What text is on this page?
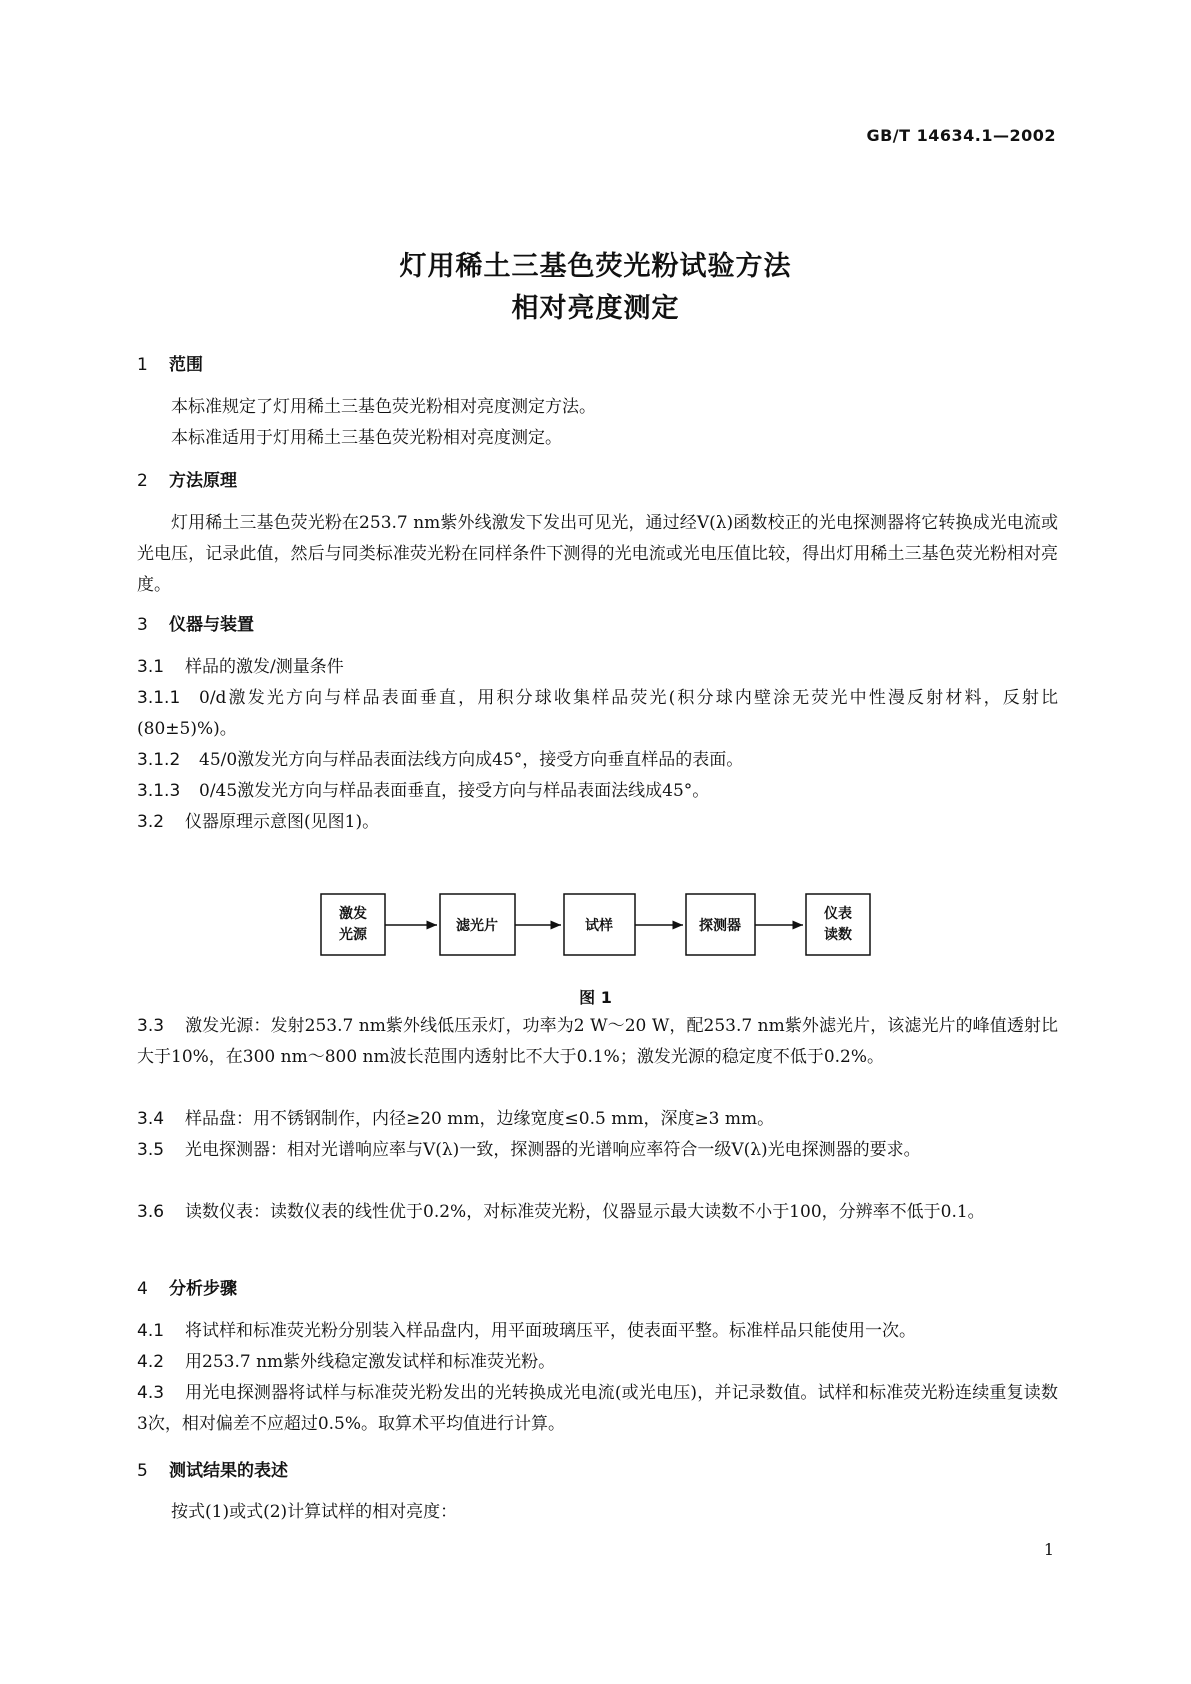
GB/T 14634.1—2002
灯用稀土三基色荧光粉试验方法
相对亮度测定
1 范围
本标准规定了灯用稀土三基色荧光粉相对亮度测定方法。
本标准适用于灯用稀土三基色荧光粉相对亮度测定。
2 方法原理
灯用稀土三基色荧光粉在253.7 nm紫外线激发下发出可见光，通过经V(λ)函数校正的光电探测器将它转换成光电流或光电压，记录此值，然后与同类标准荧光粉在同样条件下测得的光电流或光电压值比较，得出灯用稀土三基色荧光粉相对亮度。
3 仪器与装置
3.1 样品的激发/测量条件
3.1.1 0/d激发光方向与样品表面垂直，用积分球收集样品荧光(积分球内壁涂无荧光中性漫反射材料，反射比(80±5)%)。
3.1.2 45/0激发光方向与样品表面法线方向成45°，接受方向垂直样品的表面。
3.1.3 0/45激发光方向与样品表面垂直，接受方向与样品表面法线成45°。
3.2 仪器原理示意图(见图1)。
激发
光源
滤光片	试样	探测器
仪表
读数
图 1
3.3 激发光源：发射253.7 nm紫外线低压汞灯，功率为2 W～20 W，配253.7 nm紫外滤光片，该滤光片的峰值透射比大于10%，在300 nm～800 nm波长范围内透射比不大于0.1%；激发光源的稳定度不低于0.2%。
3.4 样品盘：用不锈钢制作，内径≥20 mm，边缘宽度≤0.5 mm，深度≥3 mm。
3.5 光电探测器：相对光谱响应率与V(λ)一致，探测器的光谱响应率符合一级V(λ)光电探测器的要求。
3.6 读数仪表：读数仪表的线性优于0.2%，对标准荧光粉，仪器显示最大读数不小于100，分辨率不低于0.1。
4 分析步骤
4.1 将试样和标准荧光粉分别装入样品盘内，用平面玻璃压平，使表面平整。标准样品只能使用一次。
4.2 用253.7 nm紫外线稳定激发试样和标准荧光粉。
4.3 用光电探测器将试样与标准荧光粉发出的光转换成光电流(或光电压)，并记录数值。试样和标准荧光粉连续重复读数3次，相对偏差不应超过0.5%。取算术平均值进行计算。
5 测试结果的表述
按式(1)或式(2)计算试样的相对亮度：
1
